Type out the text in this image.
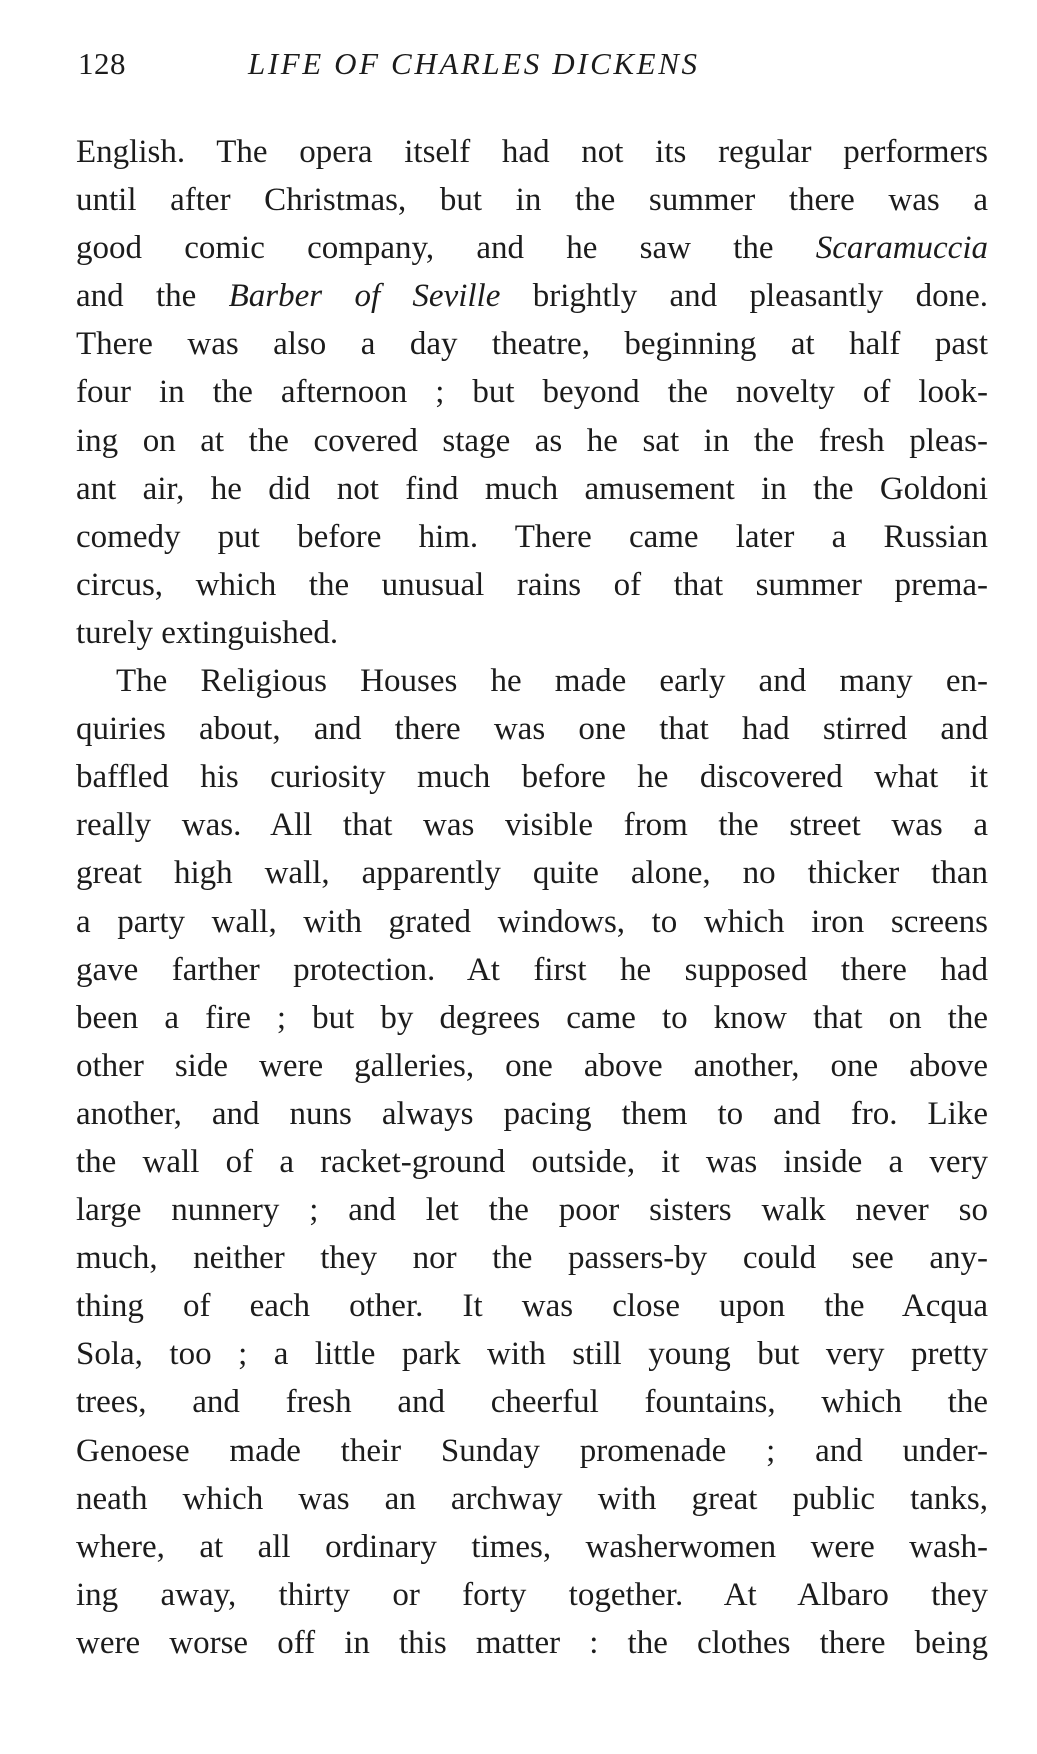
128	LIFE OF CHARLES DICKENS
English. The opera itself had not its regular performers
until after Christmas, but in the summer there was a
good comic company, and he saw the Scaramuccia
and the Barber of Seville brightly and pleasantly done.
There was also a day theatre, beginning at half past
four in the afternoon ; but beyond the novelty of look-
ing on at the covered stage as he sat in the fresh pleas-
ant air, he did not find much amusement in the Goldoni
comedy put before him. There came later a Russian
circus, which the unusual rains of that summer prema-
turely extinguished.
The Religious Houses he made early and many en-
quiries about, and there was one that had stirred and
baffled his curiosity much before he discovered what it
really was. All that was visible from the street was a
great high wall, apparently quite alone, no thicker than
a party wall, with grated windows, to which iron screens
gave farther protection. At first he supposed there had
been a fire ; but by degrees came to know that on the
other side were galleries, one above another, one above
another, and nuns always pacing them to and fro. Like
the wall of a racket-ground outside, it was inside a very
large nunnery ; and let the poor sisters walk never so
much, neither they nor the passers-by could see any-
thing of each other. It was close upon the Acqua
Sola, too ; a little park with still young but very pretty
trees, and fresh and cheerful fountains, which the
Genoese made their Sunday promenade ; and under-
neath which was an archway with great public tanks,
where, at all ordinary times, washerwomen were wash-
ing away, thirty or forty together. At Albaro they
were worse off in this matter : the clothes there being
